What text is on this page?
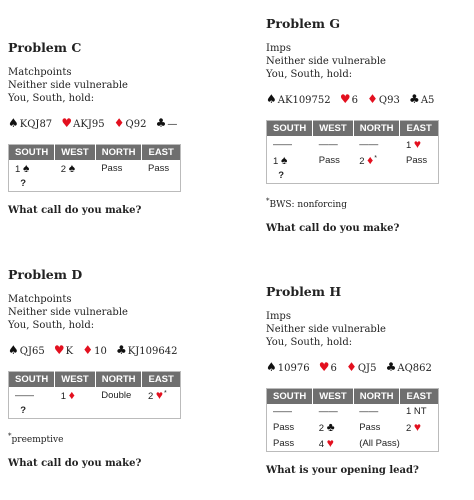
Problem C
Matchpoints
Neither side vulnerable
You, South, hold:
♠KQJ87 ♥AKJ95 ♦Q92 ♣—
SOUTH	WEST	NORTH	EAST
1 ♠	2 ♠	Pass	Pass
?			
What call do you make?
Problem D
Matchpoints
Neither side vulnerable
You, South, hold:
♠QJ65 ♥K ♦10 ♣KJ109642
SOUTH	WEST	NORTH	EAST
——	1 ♦	Double	2 ♥*
?			
*preemptive
What call do you make?
Problem G
Imps
Neither side vulnerable
You, South, hold:
♠AK109752 ♥6 ♦Q93 ♣A5
SOUTH	WEST	NORTH	EAST
——	——	——	1 ♥
1 ♠	Pass	2 ♦*	Pass
?			
*BWS: nonforcing
What call do you make?
Problem H
Imps
Neither side vulnerable
You, South, hold:
♠10976 ♥6 ♦QJ5 ♣AQ862
SOUTH	WEST	NORTH	EAST
——	——	——	1 NT
Pass	2 ♣	Pass	2 ♥
Pass	4 ♥	(All Pass)	
What is your opening lead?
